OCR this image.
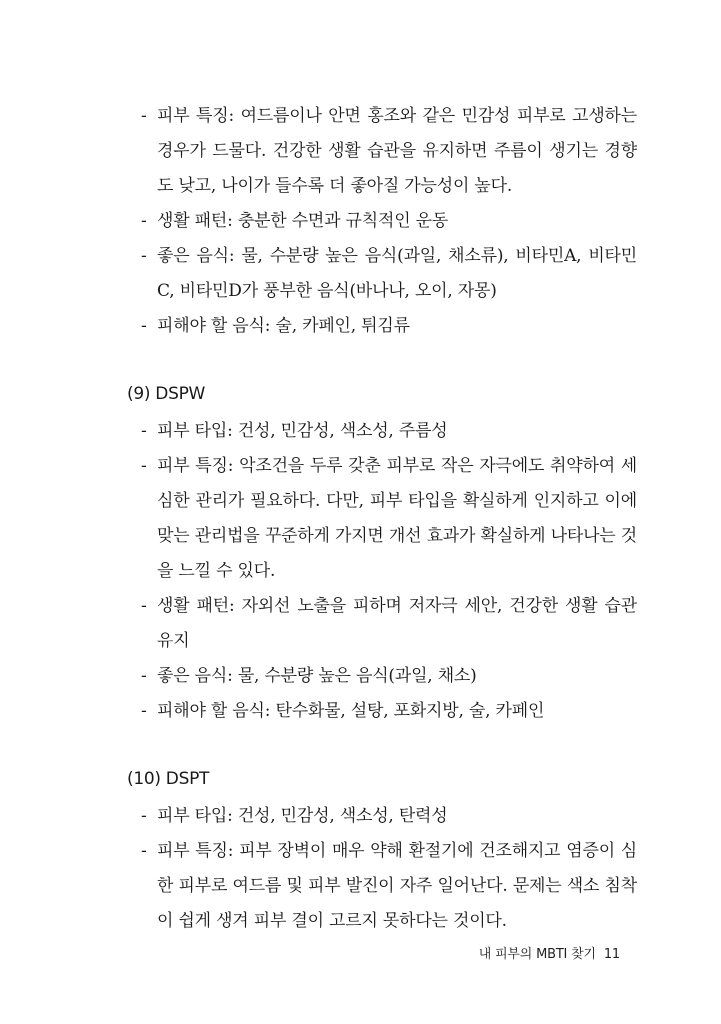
- 피부 특징: 여드름이나 안면 홍조와 같은 민감성 피부로 고생하는 경우가 드물다. 건강한 생활 습관을 유지하면 주름이 생기는 경향도 낮고, 나이가 들수록 더 좋아질 가능성이 높다.

- 생활 패턴: 충분한 수면과 규칙적인 운동

- 좋은 음식: 물, 수분량 높은 음식(과일, 채소류), 비타민A, 비타민C, 비타민D가 풍부한 음식(바나나, 오이, 자몽)

- 피해야 할 음식: 술, 카페인, 튀김류

(9) DSPW

- 피부 타입: 건성, 민감성, 색소성, 주름성

- 피부 특징: 악조건을 두루 갖춘 피부로 작은 자극에도 취약하여 세심한 관리가 필요하다. 다만, 피부 타입을 확실하게 인지하고 이에 맞는 관리법을 꾸준하게 가지면 개선 효과가 확실하게 나타나는 것을 느낄 수 있다.

- 생활 패턴: 자외선 노출을 피하며 저자극 세안, 건강한 생활 습관 유지

- 좋은 음식: 물, 수분량 높은 음식(과일, 채소)

- 피해야 할 음식: 탄수화물, 설탕, 포화지방, 술, 카페인

(10) DSPT

- 피부 타입: 건성, 민감성, 색소성, 탄력성

- 피부 특징: 피부 장벽이 매우 약해 환절기에 건조해지고 염증이 심한 피부로 여드름 및 피부 발진이 자주 일어난다. 문제는 색소 침착이 쉽게 생겨 피부 결이 고르지 못하다는 것이다.

내 피부의 MBTI 찾기 11
